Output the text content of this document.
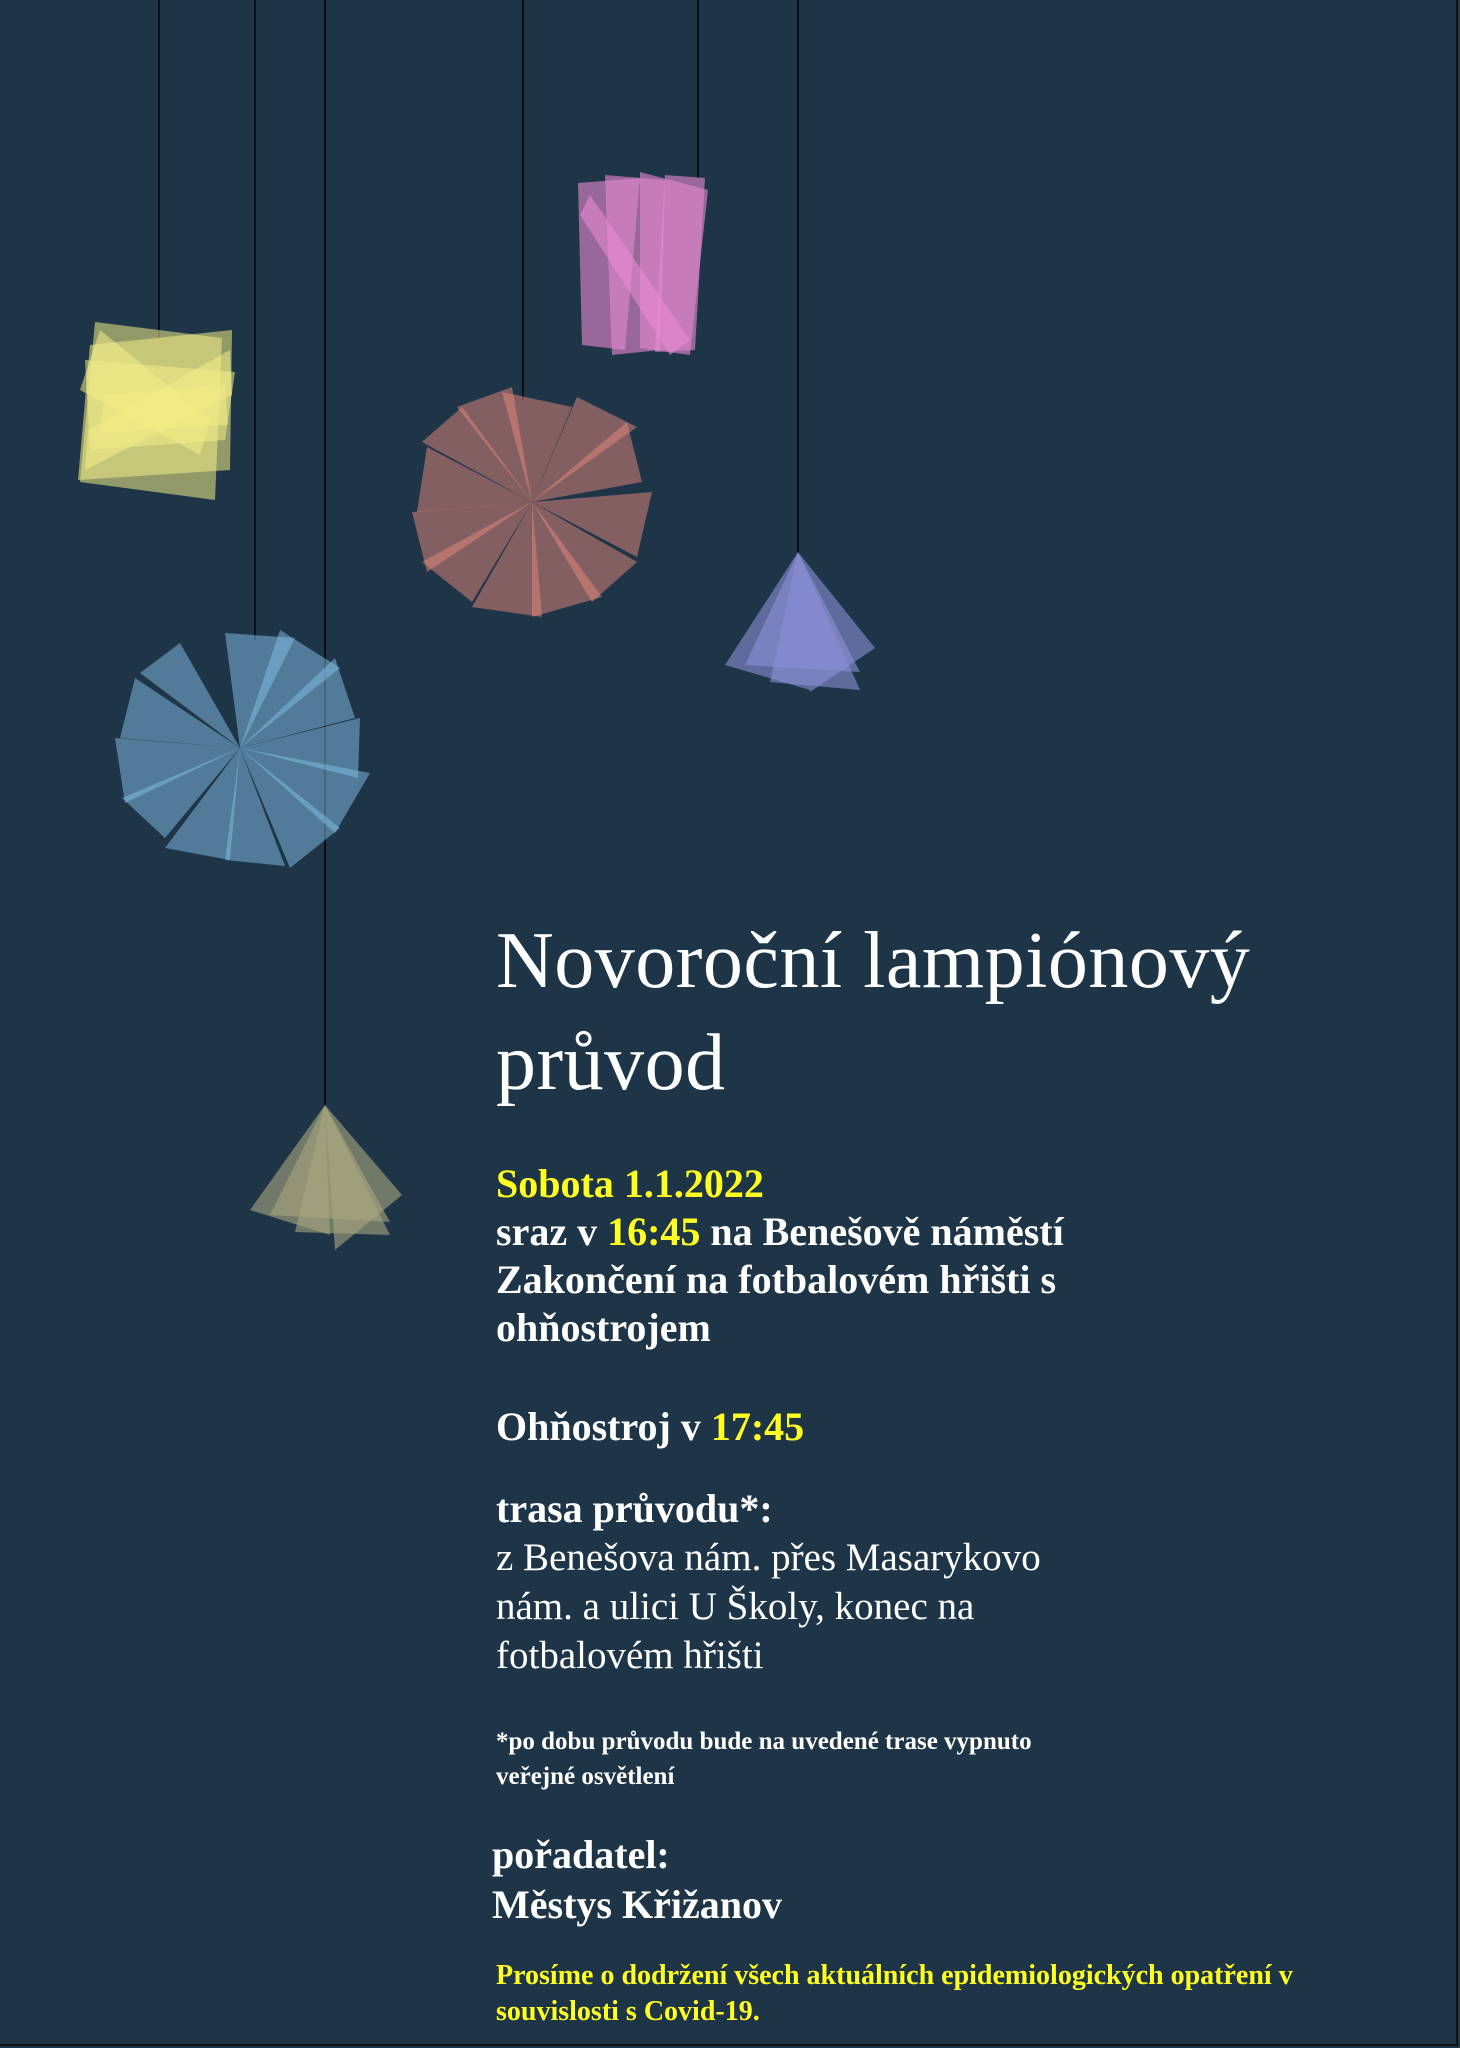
Novoroční lampiónový
průvod
Sobota 1.1.2022
sraz v 16:45 na Benešově náměstí
Zakončení na fotbalovém hřišti s
ohňostrojem
Ohňostroj v 17:45
trasa průvodu*:
z Benešova nám. přes Masarykovo
nám. a ulici U Školy, konec na
fotbalovém hřišti
*po dobu průvodu bude na uvedené trase vypnuto
veřejné osvětlení
pořadatel:
Městys Křižanov
Prosíme o dodržení všech aktuálních epidemiologických opatření v
souvislosti s Covid-19.
